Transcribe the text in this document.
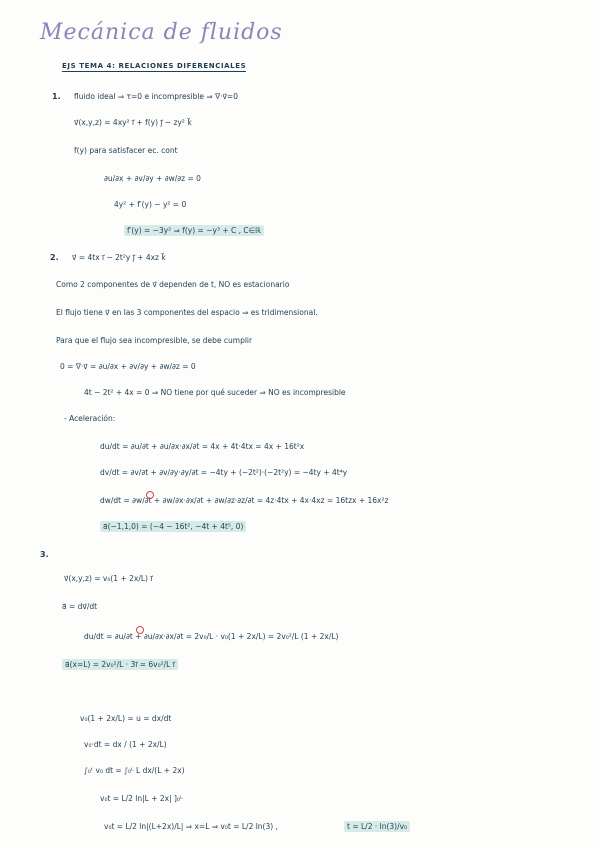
Mecánica de fluidos
EJS TEMA 4: RELACIONES DIFERENCIALES
1. fluido ideal ⇒ τ=0 e incompresible ⇒ ∇·v⃗=0
v⃗(x,y,z) = 4xy² i⃗ + f(y) j⃗ − zy² k⃗
f(y) para satisfacer ec. cont
∂u/∂x + ∂v/∂y + ∂w/∂z = 0
4y² + f′(y) − y² = 0
f′(y) = −3y² ⇒ f(y) = −y³ + C , C∈ℝ
2. v⃗ = 4tx i⃗ − 2t²y j⃗ + 4xz k⃗
Como 2 componentes de v⃗ dependen de t, NO es estacionario
El flujo tiene v⃗ en las 3 componentes del espacio ⇒ es tridimensional.
Para que el flujo sea incompresible, se debe cumplir
0 = ∇·v⃗ = ∂u/∂x + ∂v/∂y + ∂w/∂z = 0
4t − 2t² + 4x = 0 ⇒ NO tiene por qué suceder ⇒ NO es incompresible
- Aceleración:
du/dt = ∂u/∂t + ∂u/∂x·∂x/∂t = 4x + 4t·4tx = 4x + 16t²x
dv/dt = ∂v/∂t + ∂v/∂y·∂y/∂t = −4ty + (−2t²)·(−2t²y) = −4ty + 4t⁴y
dw/dt = ∂w/∂t + ∂w/∂x·∂x/∂t + ∂w/∂z·∂z/∂t = 4z·4tx + 4x·4xz = 16tzx + 16x²z
a⃗(−1,1,0) = (−4 − 16t², −4t + 4t⁵, 0)
3.
v⃗(x,y,z) = v₀(1 + 2x/L) i⃗
a⃗ = dv⃗/dt
du/dt = ∂u/∂t + ∂u/∂x·∂x/∂t = 2v₀/L · v₀(1 + 2x/L) = 2v₀²/L (1 + 2x/L)
a⃗(x=L) = 2v₀²/L · 3i⃗ = 6v₀²/L i⃗
v₀(1 + 2x/L) = u = dx/dt
v₀·dt = dx / (1 + 2x/L)
∫₀ᵗ v₀ dt = ∫₀ᴸ L dx/(L + 2x)
v₀t = L/2 ln|L + 2x| ]₀ᴸ
v₀t = L/2 ln|(L+2x)/L| ⇒ x=L ⇒ v₀t = L/2 ln(3) ,	t = L/2 · ln(3)/v₀
